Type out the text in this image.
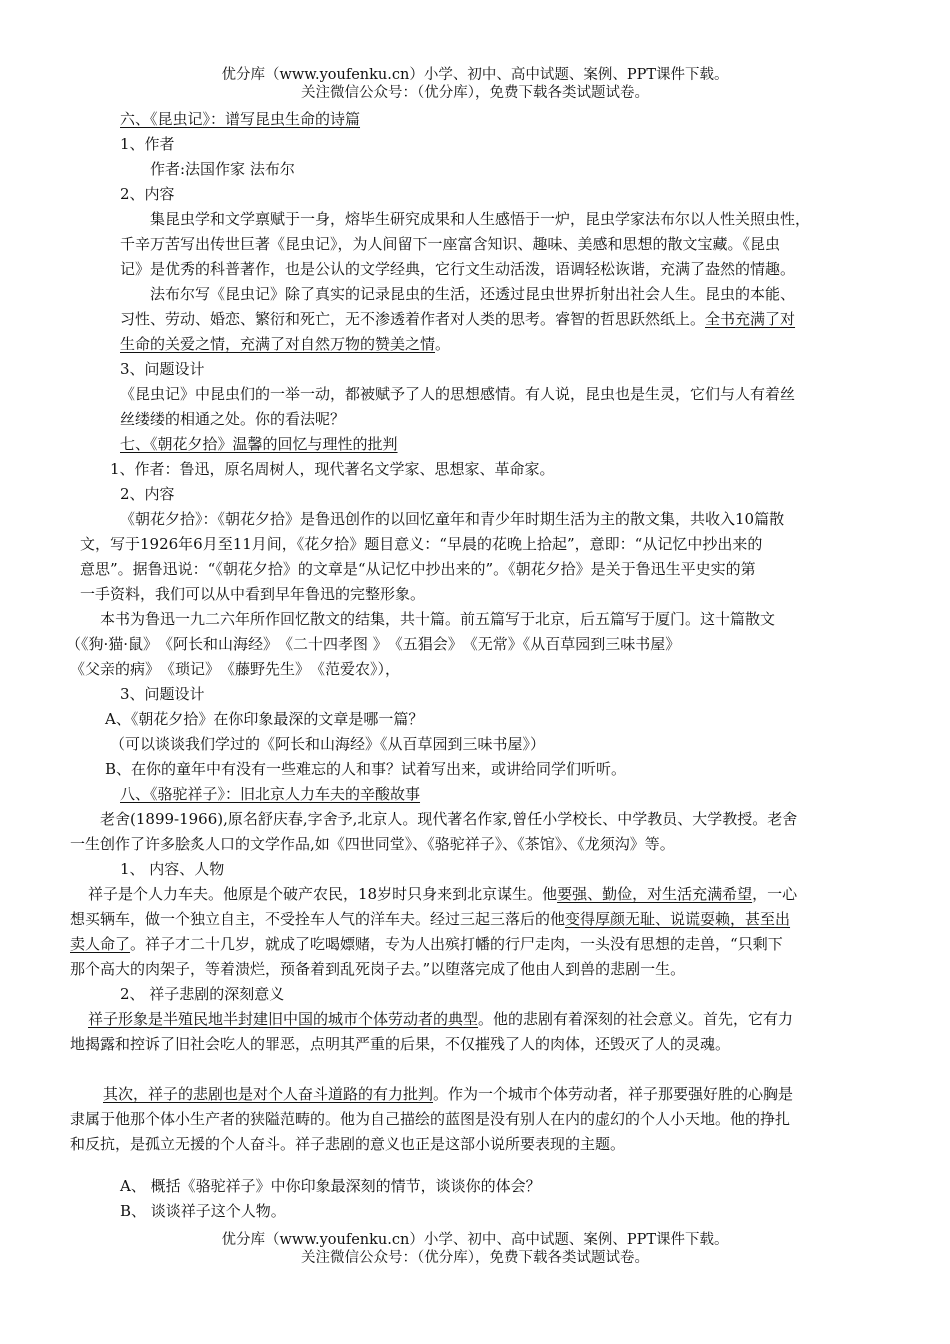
优分库（www.youfenku.cn）小学、初中、高中试题、案例、PPT课件下载。
关注微信公众号：（优分库），免费下载各类试题试卷。
六、《昆虫记》：谱写昆虫生命的诗篇
1、作者
作者:法国作家 法布尔
2、内容
集昆虫学和文学禀赋于一身，熔毕生研究成果和人生感悟于一炉，昆虫学家法布尔以人性关照虫性，
千辛万苦写出传世巨著《昆虫记》，为人间留下一座富含知识、趣味、美感和思想的散文宝藏。《昆虫
记》是优秀的科普著作，也是公认的文学经典，它行文生动活泼，语调轻松诙谐，充满了盎然的情趣。
法布尔写《昆虫记》除了真实的记录昆虫的生活，还透过昆虫世界折射出社会人生。昆虫的本能、
习性、劳动、婚恋、繁衍和死亡，无不渗透着作者对人类的思考。睿智的哲思跃然纸上。全书充满了对
生命的关爱之情，充满了对自然万物的赞美之情。
3、问题设计
《昆虫记》中昆虫们的一举一动，都被赋予了人的思想感情。有人说，昆虫也是生灵，它们与人有着丝
丝缕缕的相通之处。你的看法呢？
七、《朝花夕拾》温馨的回忆与理性的批判
1、作者：鲁迅，原名周树人，现代著名文学家、思想家、革命家。
2、内容
《朝花夕拾》：《朝花夕拾》是鲁迅创作的以回忆童年和青少年时期生活为主的散文集，共收入10篇散
文，写于1926年6月至11月间，《花夕拾》题目意义：“早晨的花晚上拾起”，意即：“从记忆中抄出来的
意思”。据鲁迅说：“《朝花夕拾》的文章是“从记忆中抄出来的”。《朝花夕拾》是关于鲁迅生平史实的第
一手资料，我们可以从中看到早年鲁迅的完整形象。
本书为鲁迅一九二六年所作回忆散文的结集，共十篇。前五篇写于北京，后五篇写于厦门。这十篇散文
（《狗·猫·鼠》　《阿长和山海经》　《二十四孝图 》　《五猖会》　《无常》《从百草园到三味书屋》
《父亲的病》　《琐记》　《藤野先生》　《范爱农》），
3、问题设计
A、《朝花夕拾》在你印象最深的文章是哪一篇？
（可以谈谈我们学过的《阿长和山海经》《从百草园到三味书屋》）
B、在你的童年中有没有一些难忘的人和事？试着写出来，或讲给同学们听听。
八、《骆驼祥子》：旧北京人力车夫的辛酸故事
老舍(1899-1966),原名舒庆春,字舍予,北京人。现代著名作家,曾任小学校长、中学教员、大学教授。老舍
一生创作了许多脍炙人口的文学作品,如《四世同堂》、《骆驼祥子》、《茶馆》、《龙须沟》等。
1、 内容、人物
祥子是个人力车夫。他原是个破产农民，18岁时只身来到北京谋生。他要强、勤俭，对生活充满希望，一心
想买辆车，做一个独立自主，不受拴车人气的洋车夫。经过三起三落后的他变得厚颜无耻、说谎耍赖，甚至出
卖人命了。祥子才二十几岁，就成了吃喝嫖赌，专为人出殡打幡的行尸走肉，一头没有思想的走兽，“只剩下
那个高大的肉架子，等着溃烂，预备着到乱死岗子去。”以堕落完成了他由人到兽的悲剧一生。
2、 祥子悲剧的深刻意义
祥子形象是半殖民地半封建旧中国的城市个体劳动者的典型。他的悲剧有着深刻的社会意义。首先，它有力
地揭露和控诉了旧社会吃人的罪恶，点明其严重的后果，不仅摧残了人的肉体，还毁灭了人的灵魂。
其次，祥子的悲剧也是对个人奋斗道路的有力批判。作为一个城市个体劳动者，祥子那要强好胜的心胸是
隶属于他那个体小生产者的狭隘范畴的。他为自己描绘的蓝图是没有别人在内的虚幻的个人小天地。他的挣扎
和反抗，是孤立无援的个人奋斗。祥子悲剧的意义也正是这部小说所要表现的主题。
A、 概括《骆驼祥子》中你印象最深刻的情节，谈谈你的体会？
B、 谈谈祥子这个人物。
优分库（www.youfenku.cn）小学、初中、高中试题、案例、PPT课件下载。
关注微信公众号：（优分库），免费下载各类试题试卷。
